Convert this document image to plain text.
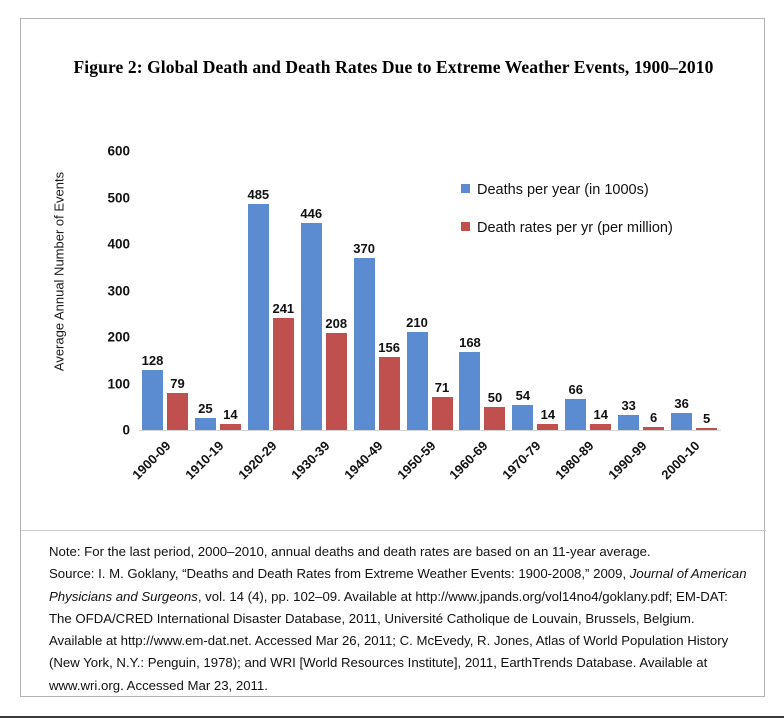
Figure 2: Global Death and Death Rates Due to Extreme Weather Events, 1900–2010
Average Annual Number of Events
0
100
200
300
400
500
600
128
79
1900-09
25 14
1910-19
485
241
1920-29
446
208
1930-39
370
156
1940-49
210
71
1950-59
168
50
1960-69
54
14
1970-79
66
14
1980-89
33
6
1990-99
36
5
2000-10
Deaths per year (in 1000s)
Death rates per yr (per million)

Note: For the last period, 2000–2010, annual deaths and death rates are based on an 11-year average.

Source: I. M. Goklany, “Deaths and Death Rates from Extreme Weather Events: 1900-2008,” 2009, Journal of American Physicians and Surgeons, vol. 14 (4), pp. 102–09. Available at http://www.jpands.org/vol14no4/goklany.pdf; EM-DAT: The OFDA/CRED International Disaster Database, 2011, Université Catholique de Louvain, Brussels, Belgium. Available at http://www.em-dat.net. Accessed Mar 26, 2011; C. McEvedy, R. Jones, Atlas of World Population History (New York, N.Y.: Penguin, 1978); and WRI [World Resources Institute], 2011, EarthTrends Database. Available at www.wri.org. Accessed Mar 23, 2011.
